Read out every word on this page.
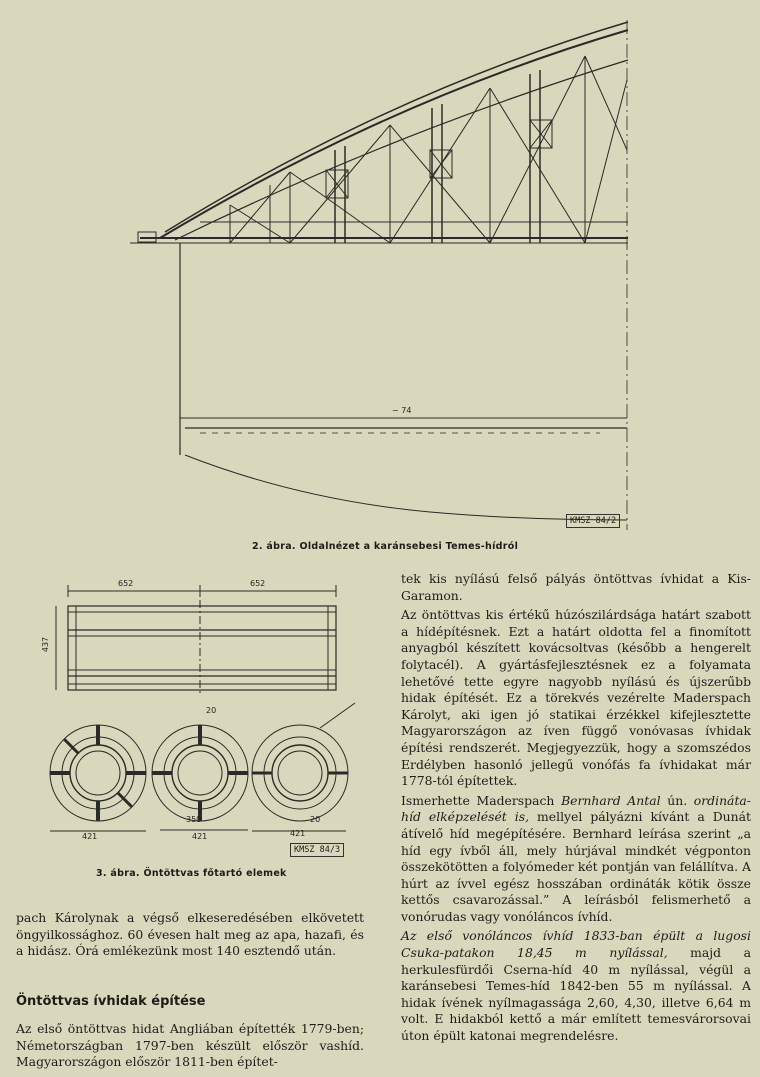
~ 74
KMSZ 84/2
2. ábra. Oldalnézet a karánsebesi Temes-hídról
652	652
437
20
350
421	421	421
20
KMSZ 84/3
3. ábra. Öntöttvas főtartó elemek

pach Károlynak a végső elkeseredésében elkövetett öngyilkossághoz. 60 évesen halt meg az apa, hazafi, és a hidász. Órá emlékezünk most 140 esztendő után.

Öntöttvas ívhidak építése

Az első öntöttvas hidat Angliában építették 1779-ben; Németországban 1797-ben készült először vashíd. Magyarországon először 1811-ben építet-

tek kis nyílású felső pályás öntöttvas ívhidat a Kis-Garamon.

Az öntöttvas kis értékű húzószilárdsága határt szabott a hídépítésnek. Ezt a határt oldotta fel a finomított anyagból készített kovácsoltvas (később a hengerelt folytacél). A gyártásfejlesztésnek ez a folyamata lehetővé tette egyre nagyobb nyílású és újszerűbb hidak építését. Ez a törekvés vezérelte Maderspach Károlyt, aki igen jó statikai érzékkel kifejlesztette Magyarországon az íven függő vonóvasas ívhidak építési rendszerét. Megjegyezzük, hogy a szomszédos Erdélyben hasonló jellegű vonófás fa ívhidakat már 1778-tól építettek.

Ismerhette Maderspach Bernhard Antal ún. ordináta-híd elképzelését is, mellyel pályázni kívánt a Dunát átívelő híd megépítésére. Bernhard leírása szerint „a híd egy ívből áll, mely húrjával mindkét végponton összekötötten a folyómeder két pontján van felállítva. A húrt az ívvel egész hosszában ordináták kötik össze kettős csavarozással.” A leírásból felismerhető a vonórudas vagy vonóláncos ívhíd.

Az első vonóláncos ívhíd 1833-ban épült a lugosi Csuka-patakon 18,45 m nyílással, majd a herkulesfürdői Cserna-híd 40 m nyílással, végül a karánsebesi Temes-híd 1842-ben 55 m nyílással. A hidak ívének nyílmagassága 2,60, 4,30, illetve 6,64 m volt. E hidakból kettő a már említett temesvárorsovai úton épült katonai megrendelésre.
